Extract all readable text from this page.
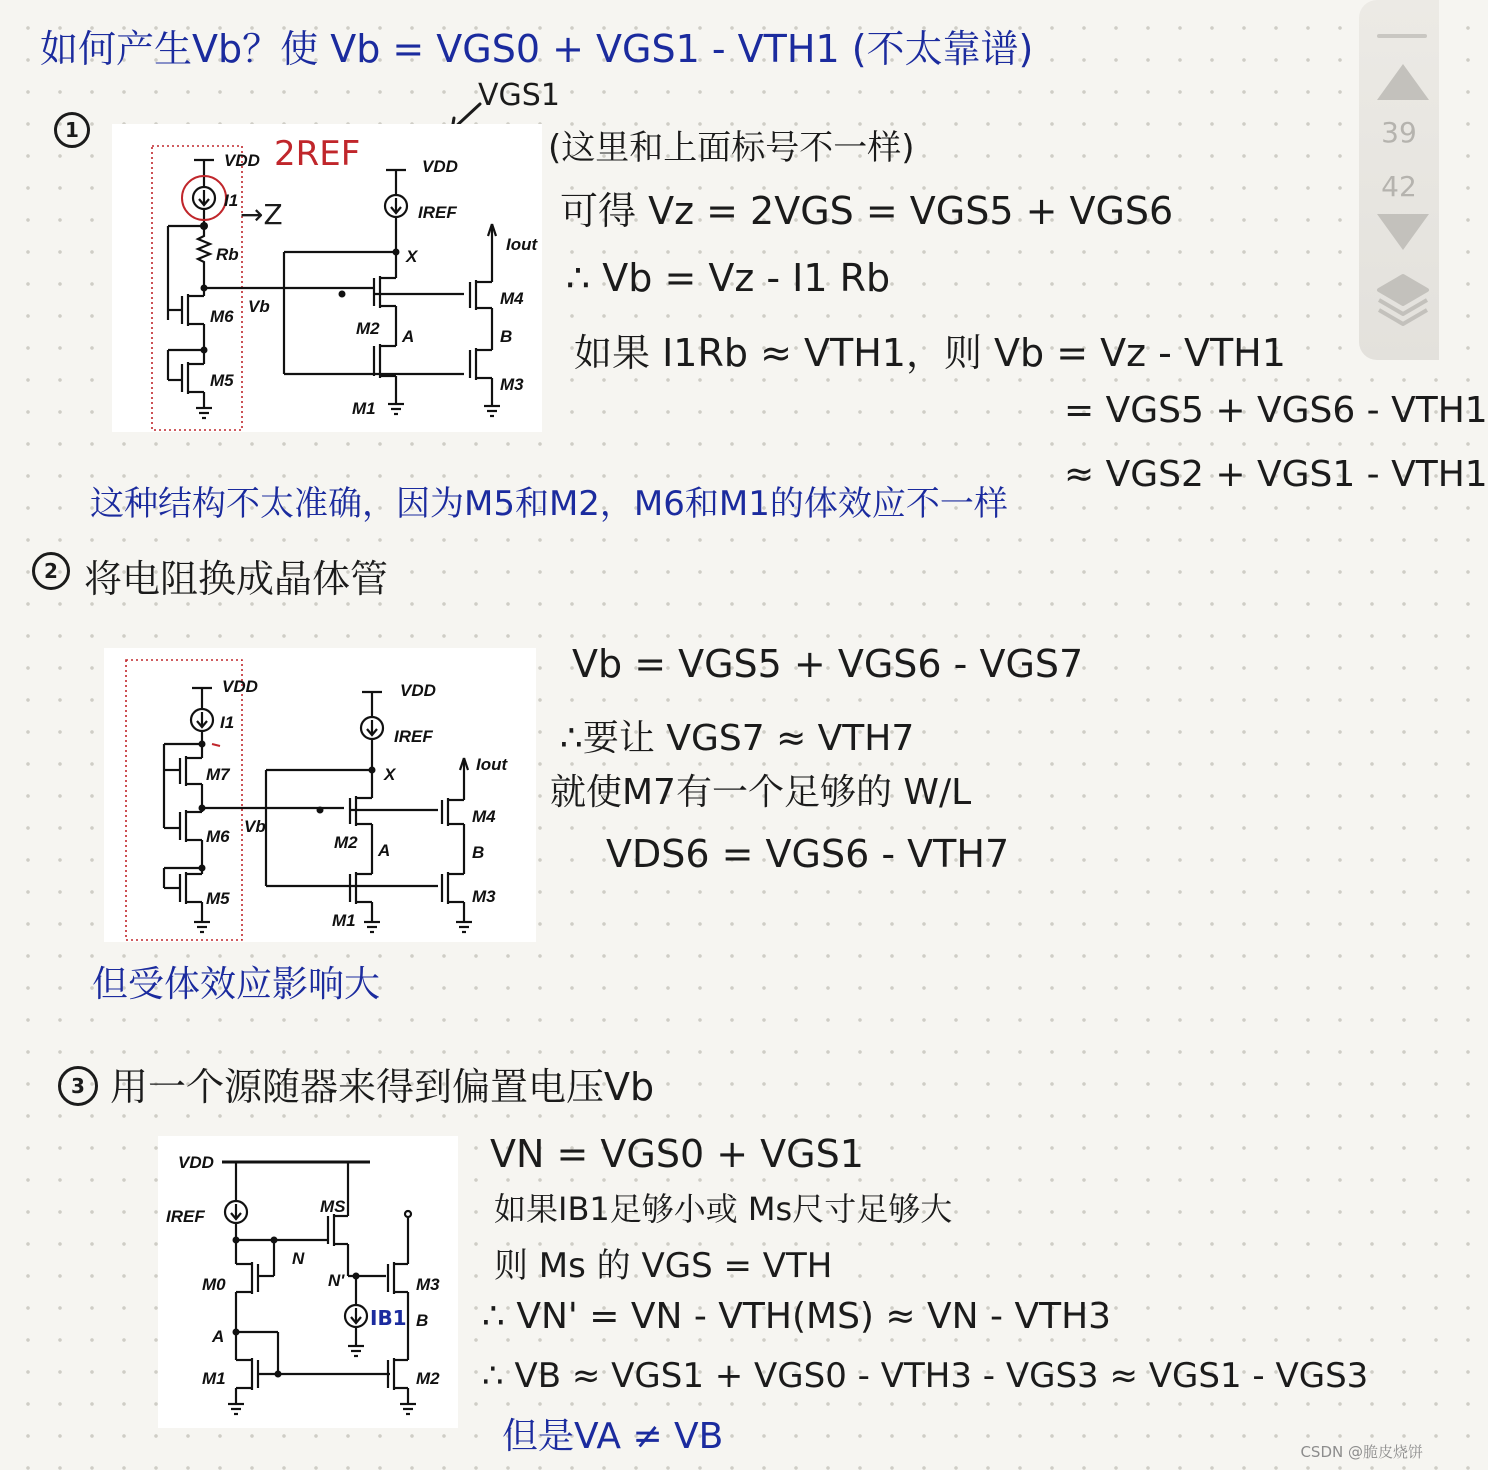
如何产生Vb？使 Vb = VGS0 + VGS1 - VTH1 (不太靠谱)
VGS1
1
VDD
I1
Rb
Vb
M6
M5
VDD
IREF
Iout
X
M2 A
M4
B
M1
M3
2REF
→Z
(这里和上面标号不一样)
可得 Vz = 2VGS = VGS5 + VGS6
∴ Vb = Vz - I1 Rb
如果 I1Rb ≈ VTH1，则 Vb = Vz - VTH1
= VGS5 + VGS6 - VTH1
≈ VGS2 + VGS1 - VTH1
这种结构不太准确，因为M5和M2，M6和M1的体效应不一样
2 将电阻换成晶体管
VDD
I1
M7
M6
Vb
M5
VDD
IREF
Iout
X
M2 A
M4
B
M1
M3
Vb = VGS5 + VGS6 - VGS7
∴要让 VGS7 ≈ VTH7
就使M7有一个足够的 W/L
VDS6 = VGS6 - VTH7
但受体效应影响大
3 用一个源随器来得到偏置电压Vb
VDD
IREF
MS
N
N'
M0
A
M1
M3
B
M2
IB1
VN = VGS0 + VGS1
如果IB1足够小或 Ms尺寸足够大
则 Ms 的 VGS = VTH
∴ VN' = VN - VTH(MS) ≈ VN - VTH3
∴ VB ≈ VGS1 + VGS0 - VTH3 - VGS3 ≈ VGS1 - VGS3
但是VA ≠ VB
39
42
CSDN @脆皮烧饼
